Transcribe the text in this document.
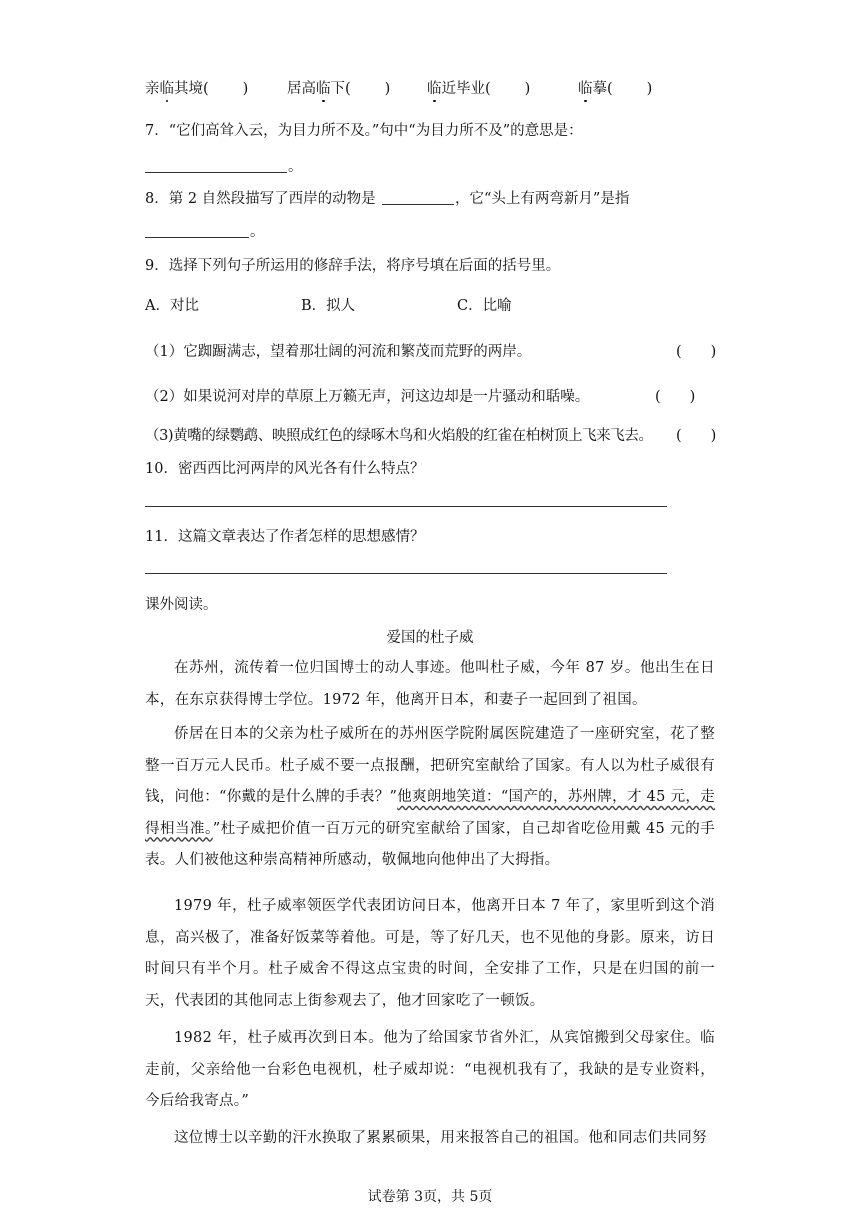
亲临其境( )	居高临下( )	临近毕业( )	临摹( )
7．“它们高耸入云，为目力所不及。”句中“为目力所不及”的意思是：
。
8．第 2 自然段描写了西岸的动物是	，它“头上有两弯新月”是指
。
9．选择下列句子所运用的修辞手法，将序号填在后面的括号里。
A．对比	B．拟人	C．比喻
（1）它踟蹰满志，望着那壮阔的河流和繁茂而荒野的两岸。	(　　)
（2）如果说河对岸的草原上万籁无声，河这边却是一片骚动和聒噪。	(　　)
（3)黄嘴的绿鹦鹉、映照成红色的绿啄木鸟和火焰般的红雀在柏树顶上飞来飞去。 (　　)
10．密西西比河两岸的风光各有什么特点？
11．这篇文章表达了作者怎样的思想感情？
课外阅读。
爱国的杜子威
在苏州，流传着一位归国博士的动人事迹。他叫杜子威，今年 87 岁。他出生在日本，在东京获得博士学位。1972 年，他离开日本，和妻子一起回到了祖国。
侨居在日本的父亲为杜子威所在的苏州医学院附属医院建造了一座研究室，花了整整一百万元人民币。杜子威不要一点报酬，把研究室献给了国家。有人以为杜子威很有钱，问他：“你戴的是什么牌的手表？”他爽朗地笑道：“国产的，苏州牌，才 45 元，走得相当准。”杜子威把价值一百万元的研究室献给了国家，自己却省吃俭用戴 45 元的手表。人们被他这种崇高精神所感动，敬佩地向他伸出了大拇指。
1979 年，杜子威率领医学代表团访问日本，他离开日本 7 年了，家里听到这个消息，高兴极了，准备好饭菜等着他。可是，等了好几天，也不见他的身影。原来，访日时间只有半个月。杜子威舍不得这点宝贵的时间，全安排了工作，只是在归国的前一天，代表团的其他同志上街参观去了，他才回家吃了一顿饭。
1982 年，杜子威再次到日本。他为了给国家节省外汇，从宾馆搬到父母家住。临走前，父亲给他一台彩色电视机，杜子威却说：“电视机我有了，我缺的是专业资料，今后给我寄点。”
这位博士以辛勤的汗水换取了累累硕果，用来报答自己的祖国。他和同志们共同努
试卷第 3页，共 5页
